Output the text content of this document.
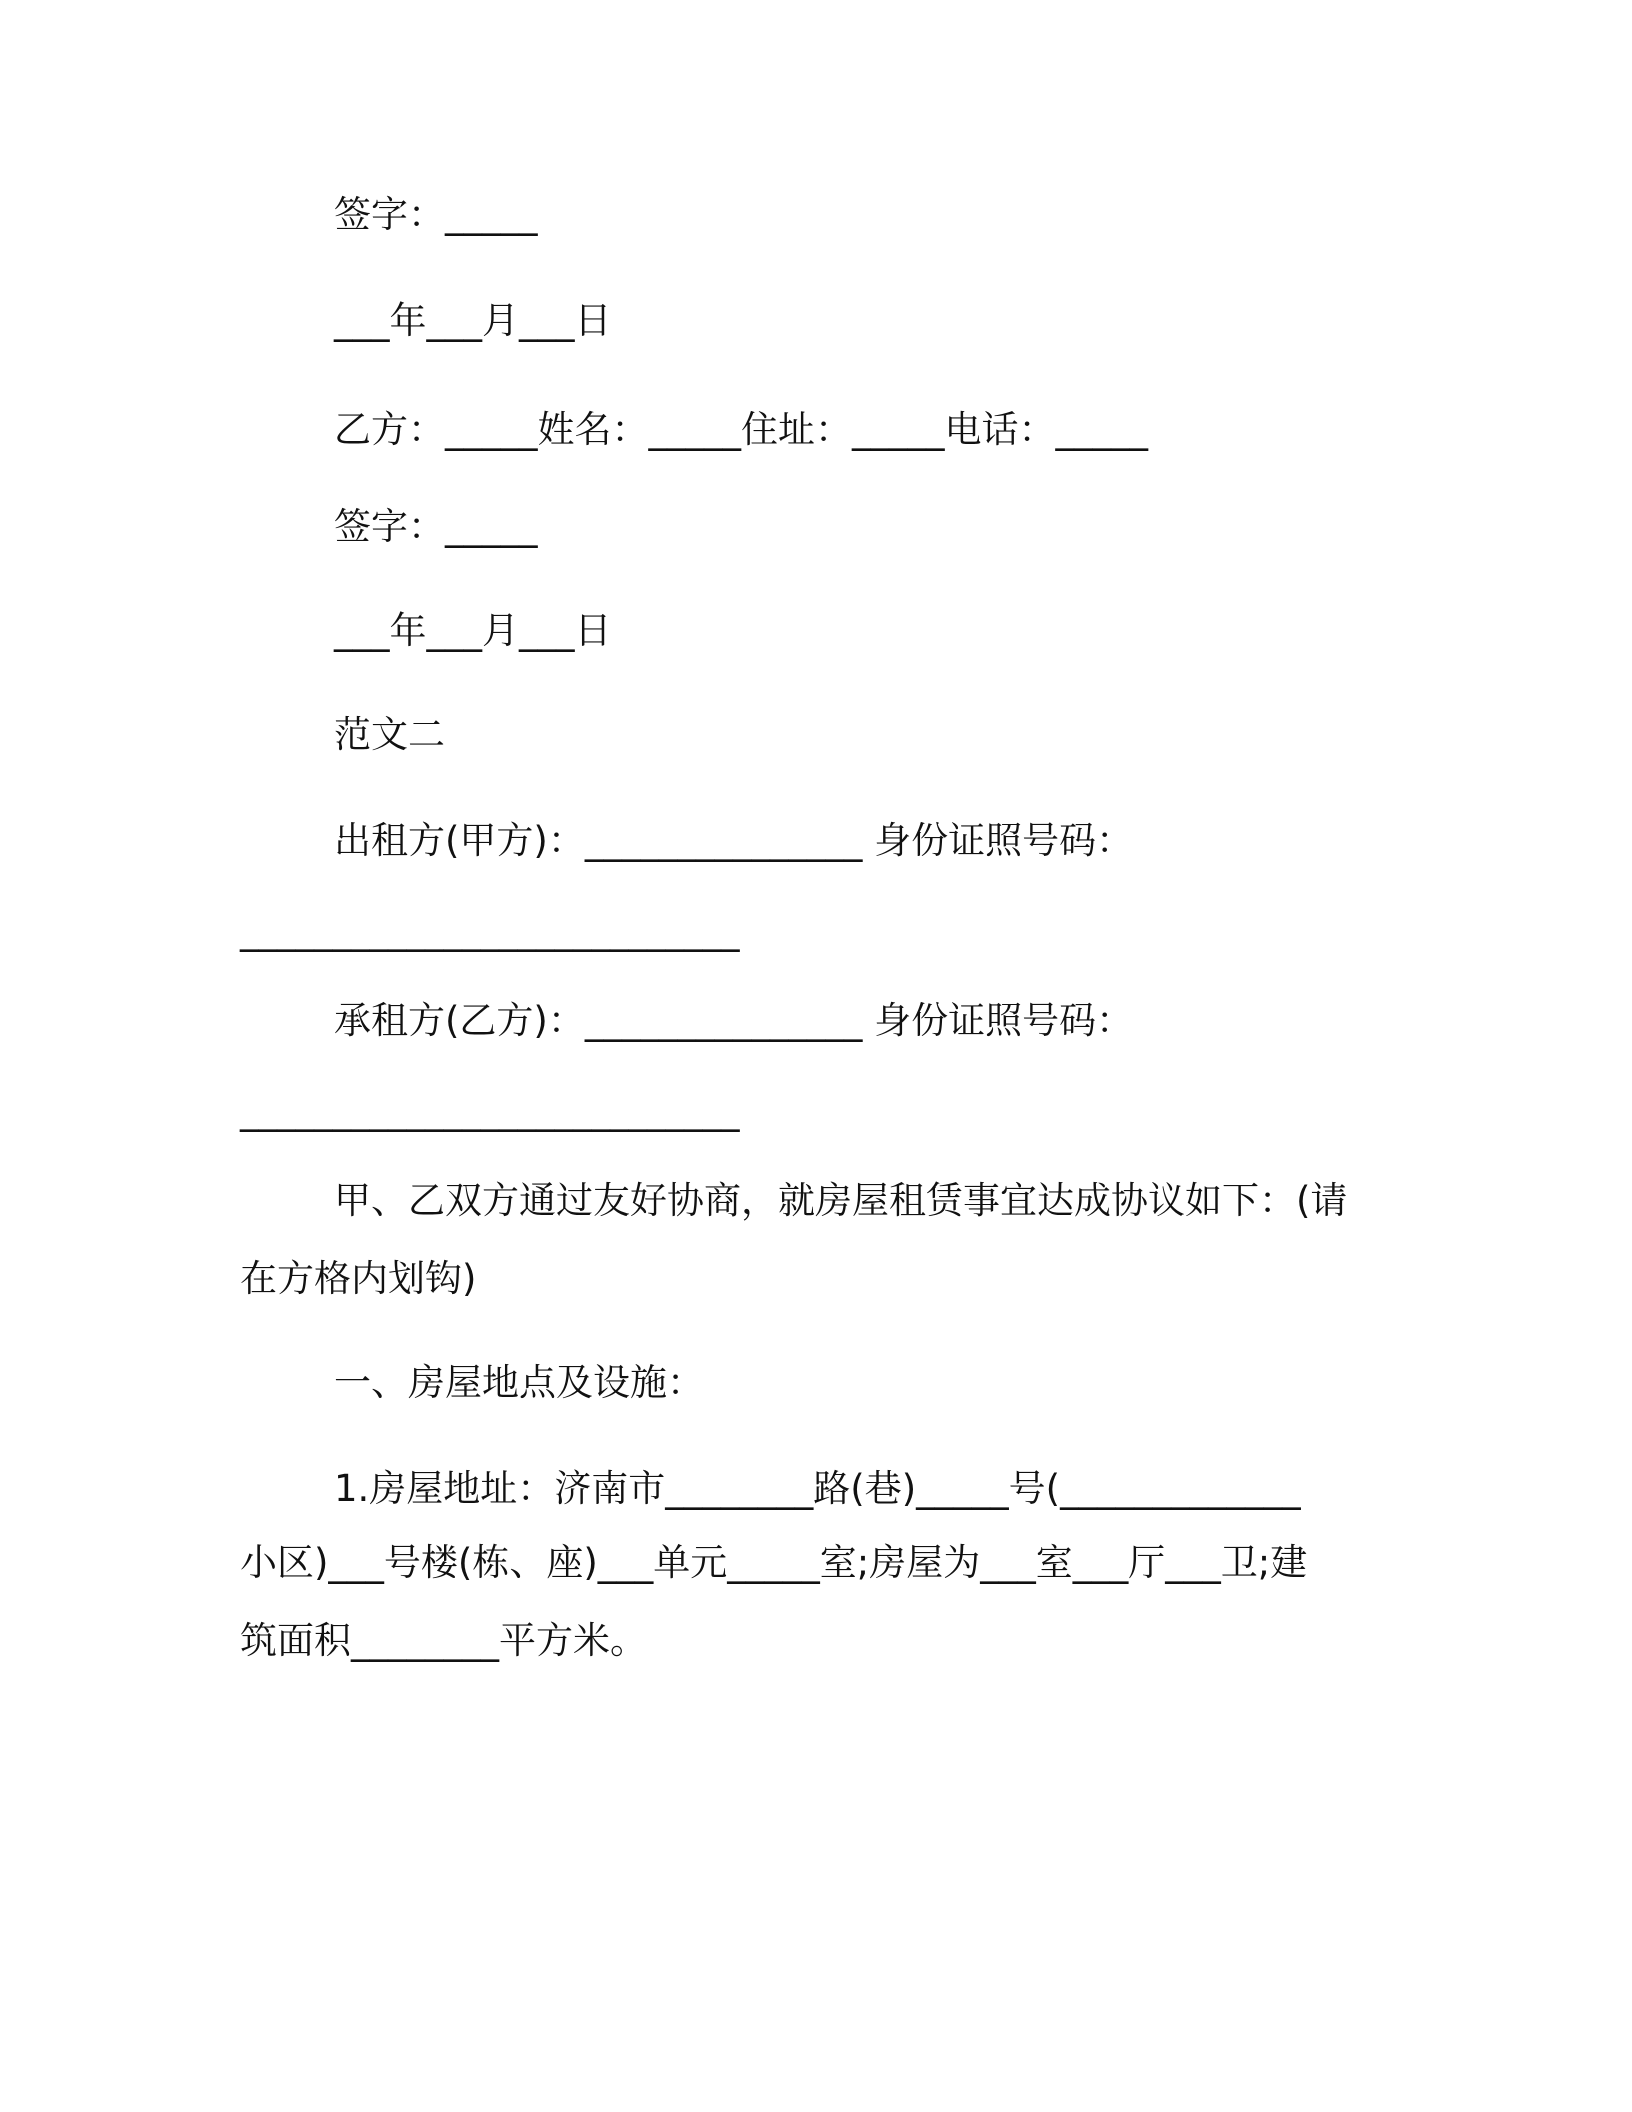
签字：_____
___年___月___日
乙方：_____姓名：_____住址：_____电话：_____
签字：_____
___年___月___日
范文二
出租方(甲方)：_______________ 身份证照号码：
___________________________
承租方(乙方)：_______________ 身份证照号码：
___________________________
甲、乙双方通过友好协商，就房屋租赁事宜达成协议如下：(请
在方格内划钩)
一、房屋地点及设施：
1.房屋地址：济南市________路(巷)_____号(_____________
小区)___号楼(栋、座)___单元_____室;房屋为___室___厅___卫;建
筑面积________平方米。
